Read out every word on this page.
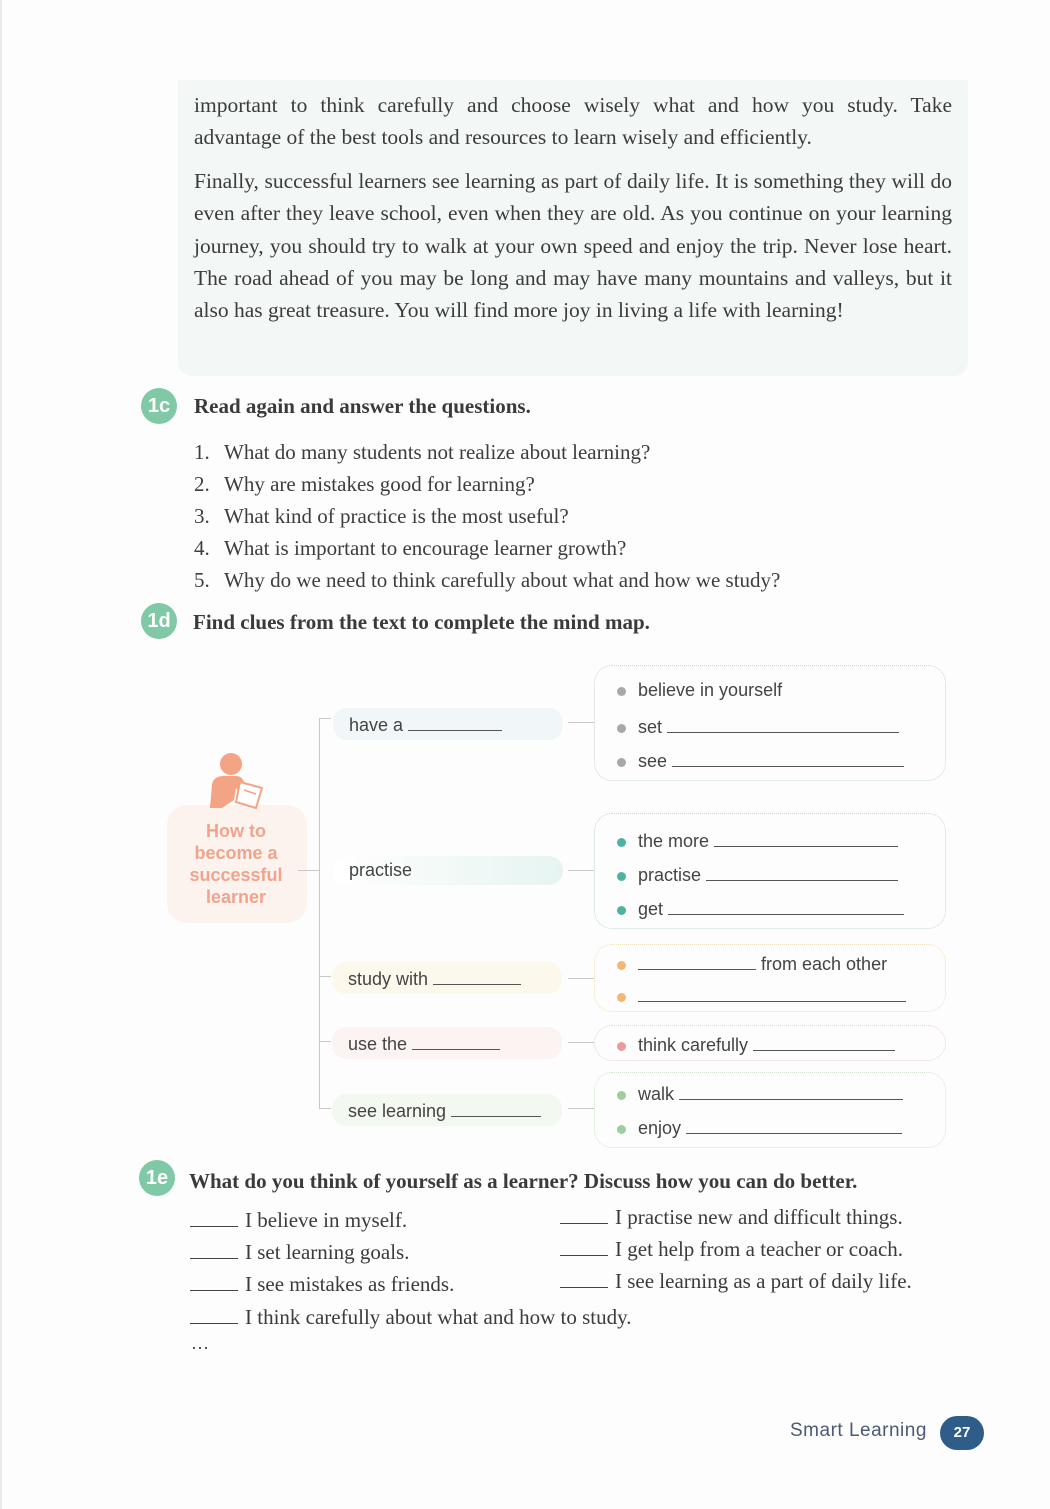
important to think carefully and choose wisely what and how you study. Take advantage of the best tools and resources to learn wisely and efficiently.

Finally, successful learners see learning as part of daily life. It is something they will do even after they leave school, even when they are old. As you continue on your learning journey, you should try to walk at your own speed and enjoy the trip. Never lose heart. The road ahead of you may be long and may have many mountains and valleys, but it also has great treasure. You will find more joy in living a life with learning!

1c	Read again and answer the questions.

1. What do many students not realize about learning?
2. Why are mistakes good for learning?
3. What kind of practice is the most useful?
4. What is important to encourage learner growth?
5. Why do we need to think carefully about what and how we study?
1d	Find clues from the text to complete the mind map.

How to become a successful learner
have a
practise
study with
use the
see learning
believe in yourself
set
see
the more
practise
get
from each other
think carefully
walk
enjoy
1e What do you think of yourself as a learner? Discuss how you can do better.

I believe in myself.
I set learning goals.
I see mistakes as friends.
I think carefully about what and how to study.
I practise new and difficult things.
I get help from a teacher or coach.
I see learning as a part of daily life.
…
Smart Learning	27
